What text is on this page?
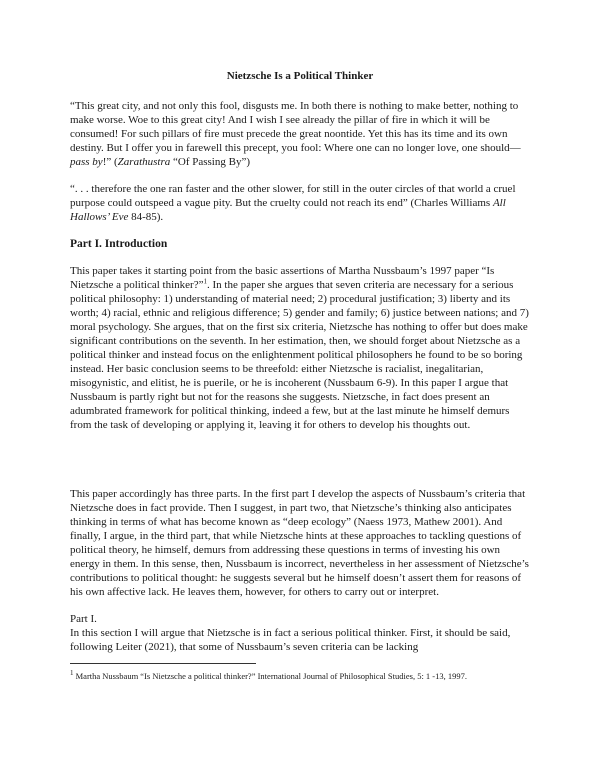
Nietzsche Is a Political Thinker

“This great city, and not only this fool, disgusts me. In both there is nothing to make better, nothing to make worse. Woe to this great city! And I wish I see already the pillar of fire in which it will be consumed! For such pillars of fire must precede the great noontide. Yet this has its time and its own destiny. But I offer you in farewell this precept, you fool: Where one can no longer love, one should—pass by!” (Zarathustra “Of Passing By”)

“. . . therefore the one ran faster and the other slower, for still in the outer circles of that world a cruel purpose could outspeed a vague pity. But the cruelty could not reach its end” (Charles Williams All Hallows’ Eve 84-85).

Part I. Introduction

This paper takes it starting point from the basic assertions of Martha Nussbaum’s 1997 paper “Is Nietzsche a political thinker?”$^1$. In the paper she argues that seven criteria are necessary for a serious political philosophy: 1) understanding of material need; 2) procedural justification; 3) liberty and its worth; 4) racial, ethnic and religious difference; 5) gender and family; 6) justice between nations; and 7) moral psychology. She argues, that on the first six criteria, Nietzsche has nothing to offer but does make significant contributions on the seventh. In her estimation, then, we should forget about Nietzsche as a political thinker and instead focus on the enlightenment political philosophers he found to be so boring instead. Her basic conclusion seems to be threefold: either Nietzsche is racialist, inegalitarian, misogynistic, and elitist, he is puerile, or he is incoherent (Nussbaum 6-9). In this paper I argue that Nussbaum is partly right but not for the reasons she suggests. Nietzsche, in fact does present an adumbrated framework for political thinking, indeed a few, but at the last minute he himself demurs from the task of developing or applying it, leaving it for others to develop his thoughts out.

This paper accordingly has three parts. In the first part I develop the aspects of Nussbaum’s criteria that Nietzsche does in fact provide. Then I suggest, in part two, that Nietzsche’s thinking also anticipates thinking in terms of what has become known as “deep ecology” (Naess 1973, Mathew 2001). And finally, I argue, in the third part, that while Nietzsche hints at these approaches to tackling questions of political theory, he himself, demurs from addressing these questions in terms of investing his own energy in them. In this sense, then, Nussbaum is incorrect, nevertheless in her assessment of Nietzsche’s contributions to political thought: he suggests several but he himself doesn’t assert them for reasons of his own affective lack. He leaves them, however, for others to carry out or interpret.

Part I.

In this section I will argue that Nietzsche is in fact a serious political thinker. First, it should be said, following Leiter (2021), that some of Nussbaum’s seven criteria can be lacking

$^1$ Martha Nussbaum “Is Nietzsche a political thinker?” International Journal of Philosophical Studies, 5: 1 -13, 1997.
